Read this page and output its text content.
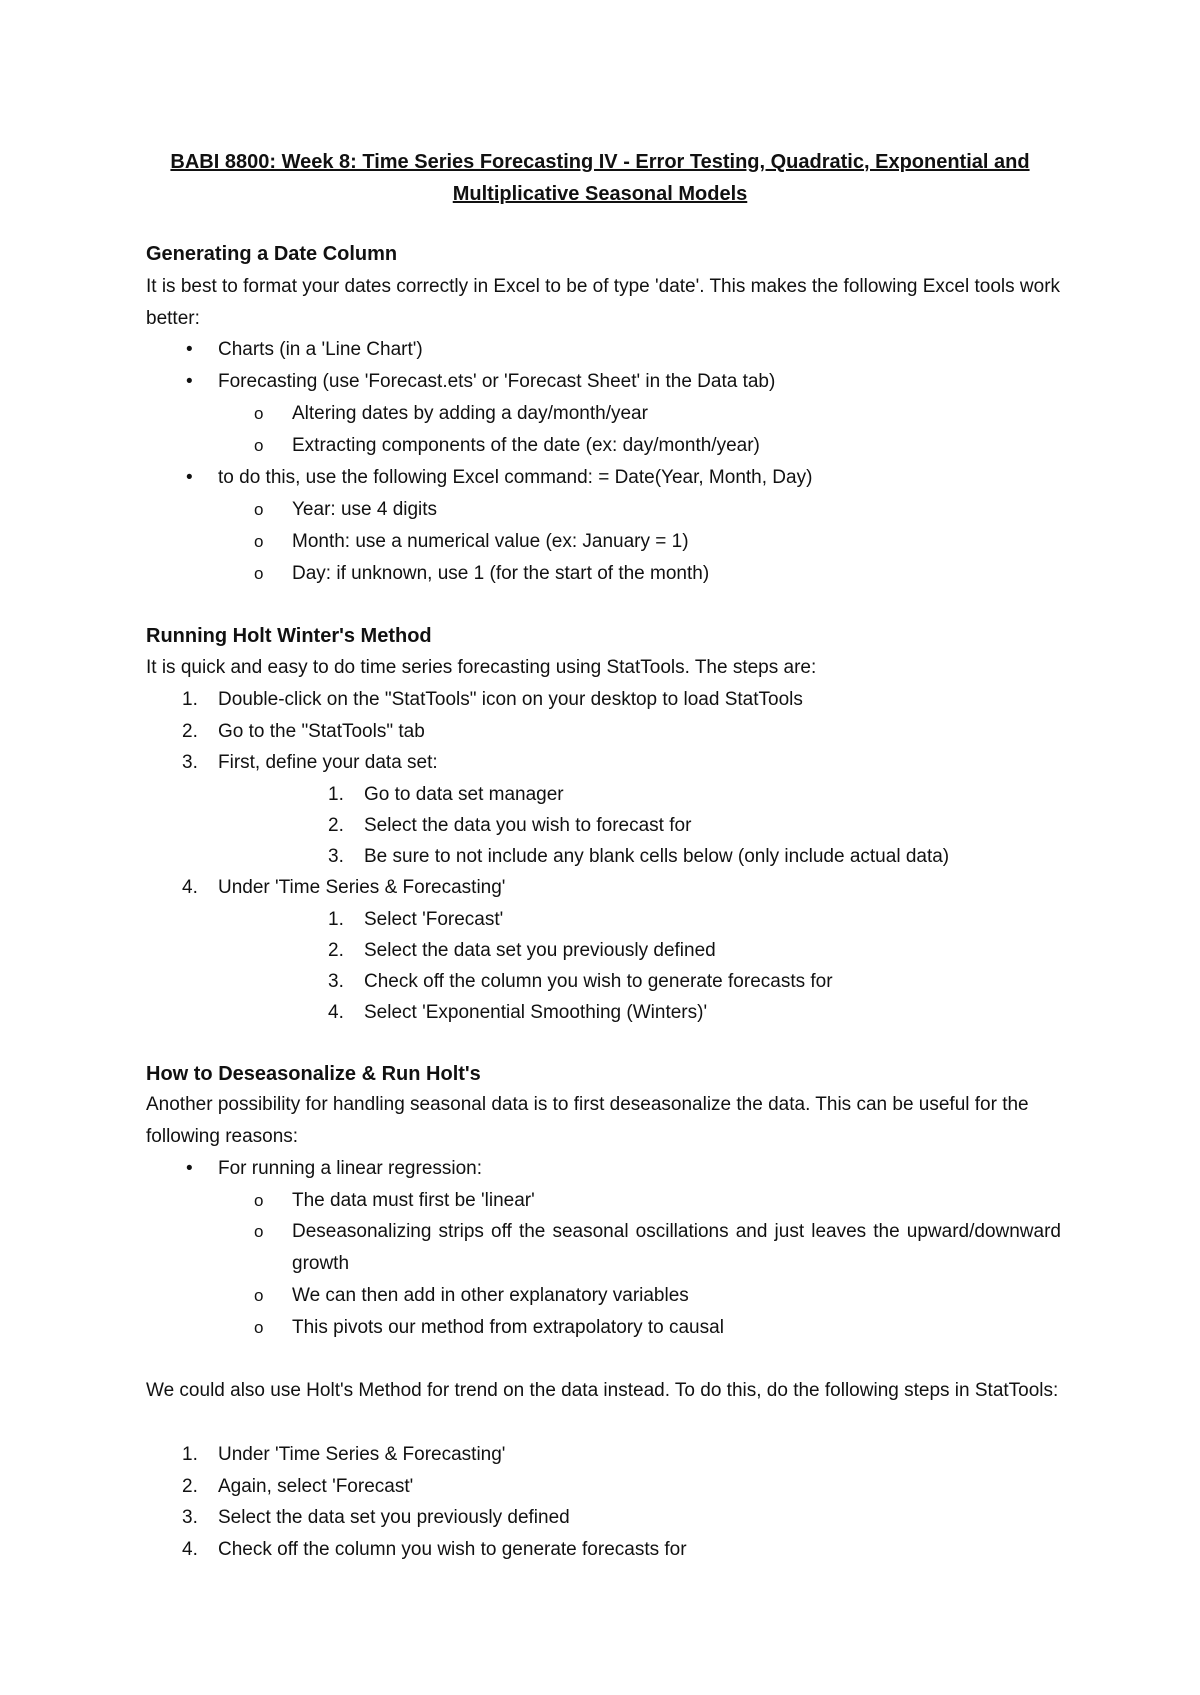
BABI 8800: Week 8: Time Series Forecasting IV - Error Testing, Quadratic, Exponential and
Multiplicative Seasonal Models
Generating a Date Column
It is best to format your dates correctly in Excel to be of type 'date'. This makes the following Excel tools work better:
• Charts (in a 'Line Chart')
• Forecasting (use 'Forecast.ets' or 'Forecast Sheet' in the Data tab)
o Altering dates by adding a day/month/year
o Extracting components of the date (ex: day/month/year)
• to do this, use the following Excel command: = Date(Year, Month, Day)
o Year: use 4 digits
o Month: use a numerical value (ex: January = 1)
o Day: if unknown, use 1 (for the start of the month)
Running Holt Winter's Method
It is quick and easy to do time series forecasting using StatTools. The steps are:
1. Double-click on the "StatTools" icon on your desktop to load StatTools
2. Go to the "StatTools" tab
3. First, define your data set:
1. Go to data set manager
2. Select the data you wish to forecast for
3. Be sure to not include any blank cells below (only include actual data)
4. Under 'Time Series & Forecasting'
1. Select 'Forecast'
2. Select the data set you previously defined
3. Check off the column you wish to generate forecasts for
4. Select 'Exponential Smoothing (Winters)'
How to Deseasonalize & Run Holt's
Another possibility for handling seasonal data is to first deseasonalize the data. This can be useful for the following reasons:
• For running a linear regression:
o The data must first be 'linear'
o Deseasonalizing strips off the seasonal oscillations and just leaves the upward/downward growth
o We can then add in other explanatory variables
o This pivots our method from extrapolatory to causal
We could also use Holt's Method for trend on the data instead. To do this, do the following steps in StatTools:
1. Under 'Time Series & Forecasting'
2. Again, select 'Forecast'
3. Select the data set you previously defined
4. Check off the column you wish to generate forecasts for
